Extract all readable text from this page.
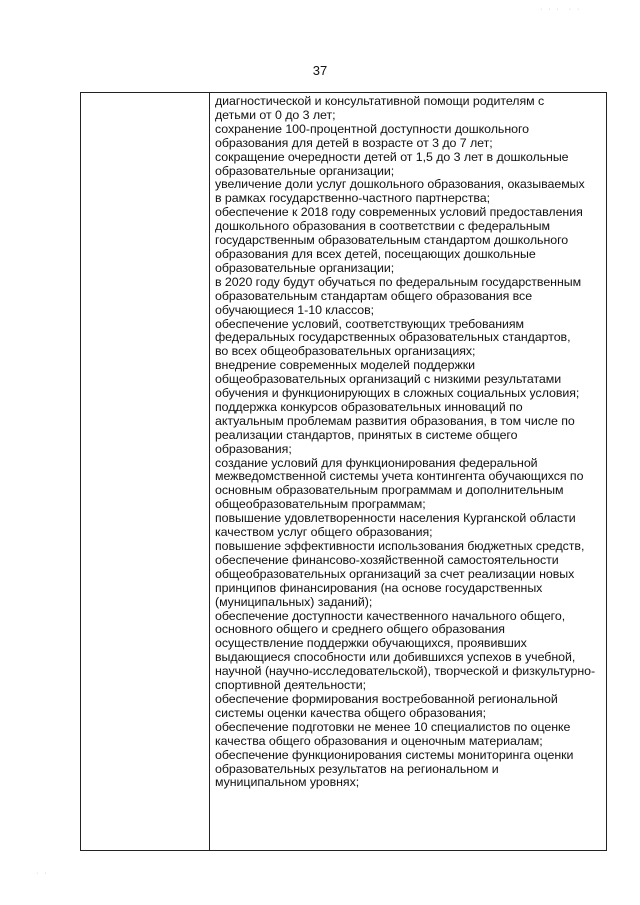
· · ·  · ·
· ·
37
диагностической и консультативной помощи родителям с
детьми от 0 до 3 лет;
сохранение 100-процентной доступности дошкольного
образования для детей в возрасте от 3 до 7 лет;
сокращение очередности детей от 1,5 до 3 лет в дошкольные
образовательные организации;
увеличение доли услуг дошкольного образования, оказываемых
в рамках государственно-частного партнерства;
обеспечение к 2018 году современных условий предоставления
дошкольного образования в соответствии с федеральным
государственным образовательным стандартом дошкольного
образования для всех детей, посещающих дошкольные
образовательные организации;
в 2020 году будут обучаться по федеральным государственным
образовательным стандартам общего образования все
обучающиеся 1-10 классов;
обеспечение условий, соответствующих требованиям
федеральных государственных образовательных стандартов,
во всех общеобразовательных организациях;
внедрение современных моделей поддержки
общеобразовательных организаций с низкими результатами
обучения и функционирующих в сложных социальных условия;
поддержка конкурсов образовательных инноваций по
актуальным проблемам развития образования, в том числе по
реализации стандартов, принятых в системе общего
образования;
создание условий для функционирования федеральной
межведомственной системы учета контингента обучающихся по
основным образовательным программам и дополнительным
общеобразовательным программам;
повышение удовлетворенности населения Курганской области
качеством услуг общего образования;
повышение эффективности использования бюджетных средств,
обеспечение финансово-хозяйственной самостоятельности
общеобразовательных организаций за счет реализации новых
принципов финансирования (на основе государственных
(муниципальных) заданий);
обеспечение доступности качественного начального общего,
основного общего и среднего общего образования
осуществление поддержки обучающихся, проявивших
выдающиеся способности или добившихся успехов в учебной,
научной (научно-исследовательской), творческой и физкультурно-
спортивной деятельности;
обеспечение формирования востребованной региональной
системы оценки качества общего образования;
обеспечение подготовки не менее 10 специалистов по оценке
качества общего образования и оценочным материалам;
обеспечение функционирования системы мониторинга оценки
образовательных результатов на региональном и
муниципальном уровнях;
